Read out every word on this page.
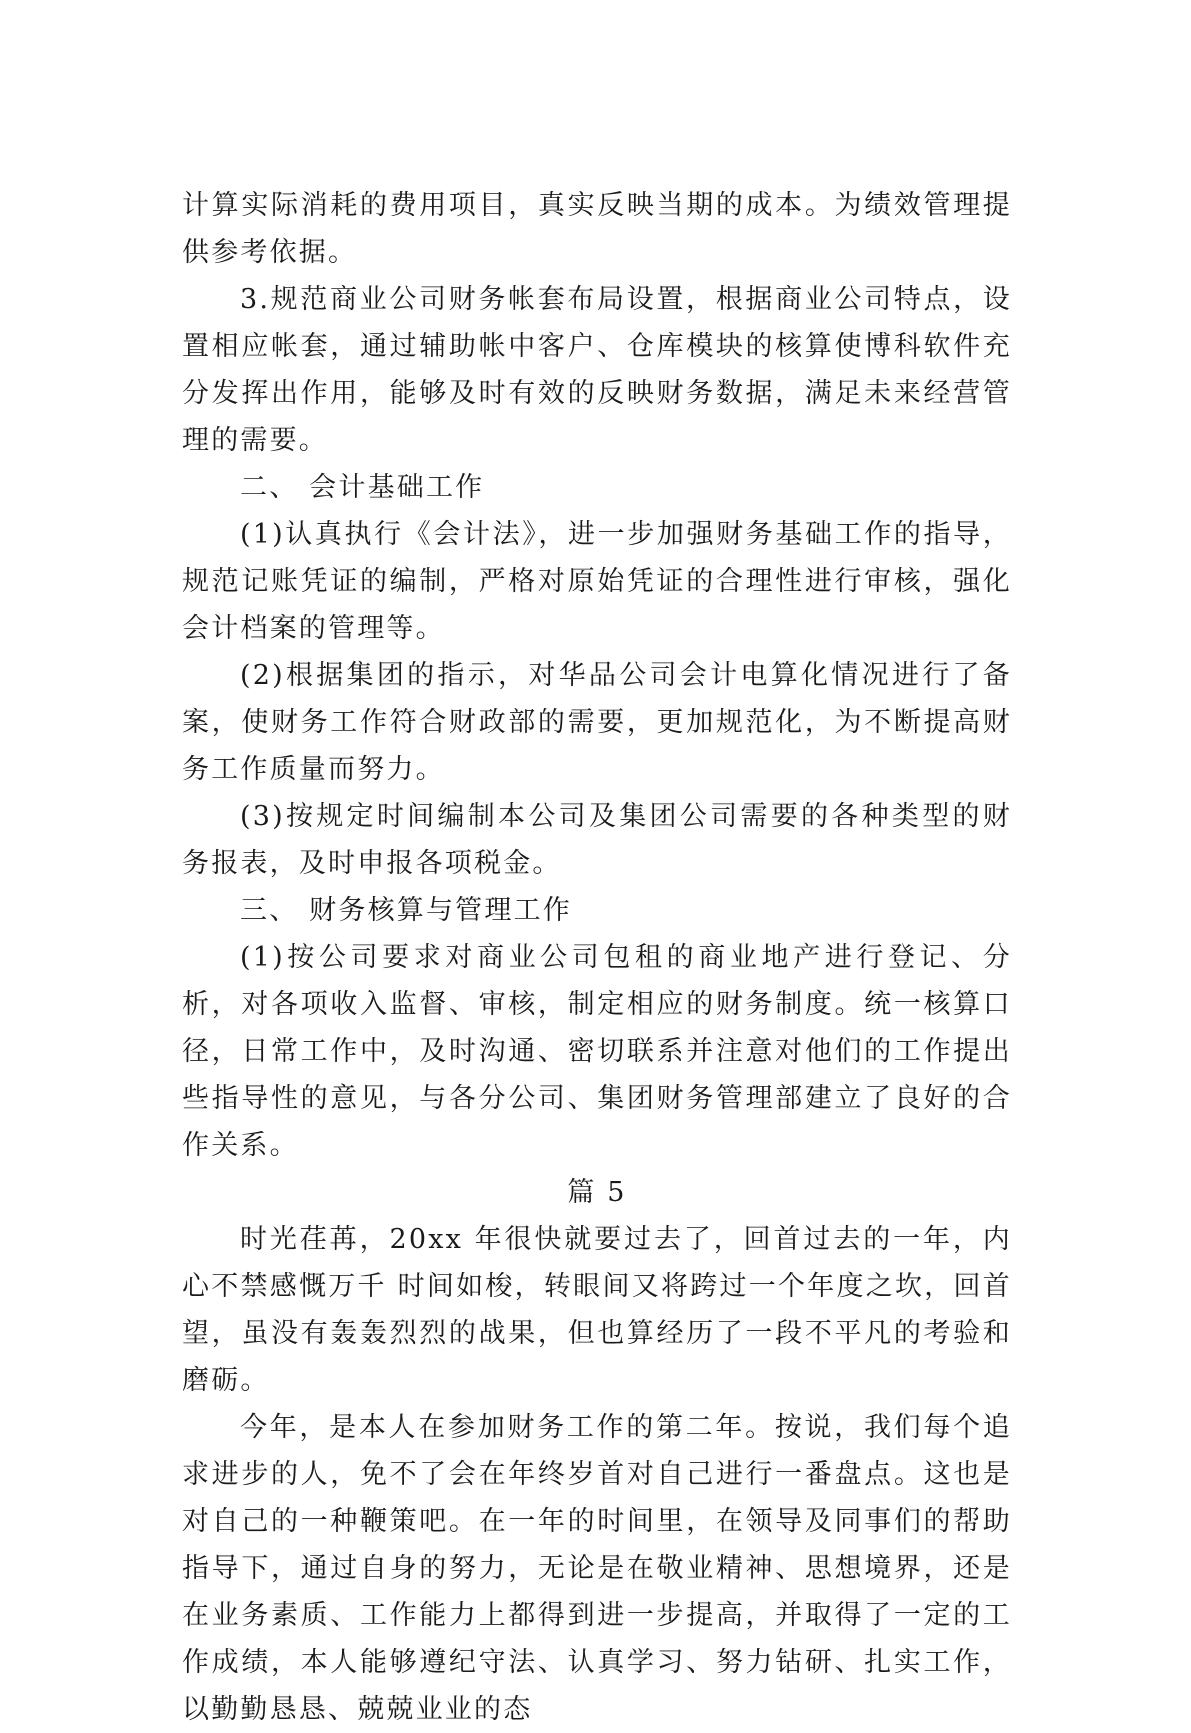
计算实际消耗的费用项目，真实反映当期的成本。为绩效管理提供参考依据。

3.规范商业公司财务帐套布局设置，根据商业公司特点，设置相应帐套，通过辅助帐中客户、仓库模块的核算使博科软件充分发挥出作用，能够及时有效的反映财务数据，满足未来经营管理的需要。

二、 会计基础工作

(1)认真执行《会计法》，进一步加强财务基础工作的指导，规范记账凭证的编制，严格对原始凭证的合理性进行审核，强化会计档案的管理等。

(2)根据集团的指示，对华品公司会计电算化情况进行了备案，使财务工作符合财政部的需要，更加规范化，为不断提高财务工作质量而努力。

(3)按规定时间编制本公司及集团公司需要的各种类型的财务报表，及时申报各项税金。

三、 财务核算与管理工作

(1)按公司要求对商业公司包租的商业地产进行登记、分析，对各项收入监督、审核，制定相应的财务制度。统一核算口径，日常工作中，及时沟通、密切联系并注意对他们的工作提出些指导性的意见，与各分公司、集团财务管理部建立了良好的合作关系。

篇 5

时光荏苒，20xx 年很快就要过去了，回首过去的一年，内心不禁感慨万千 时间如梭，转眼间又将跨过一个年度之坎，回首望，虽没有轰轰烈烈的战果，但也算经历了一段不平凡的考验和磨砺。

今年，是本人在参加财务工作的第二年。按说，我们每个追求进步的人，免不了会在年终岁首对自己进行一番盘点。这也是对自己的一种鞭策吧。在一年的时间里，在领导及同事们的帮助指导下，通过自身的努力，无论是在敬业精神、思想境界，还是在业务素质、工作能力上都得到进一步提高，并取得了一定的工作成绩，本人能够遵纪守法、认真学习、努力钻研、扎实工作，以勤勤恳恳、兢兢业业的态
